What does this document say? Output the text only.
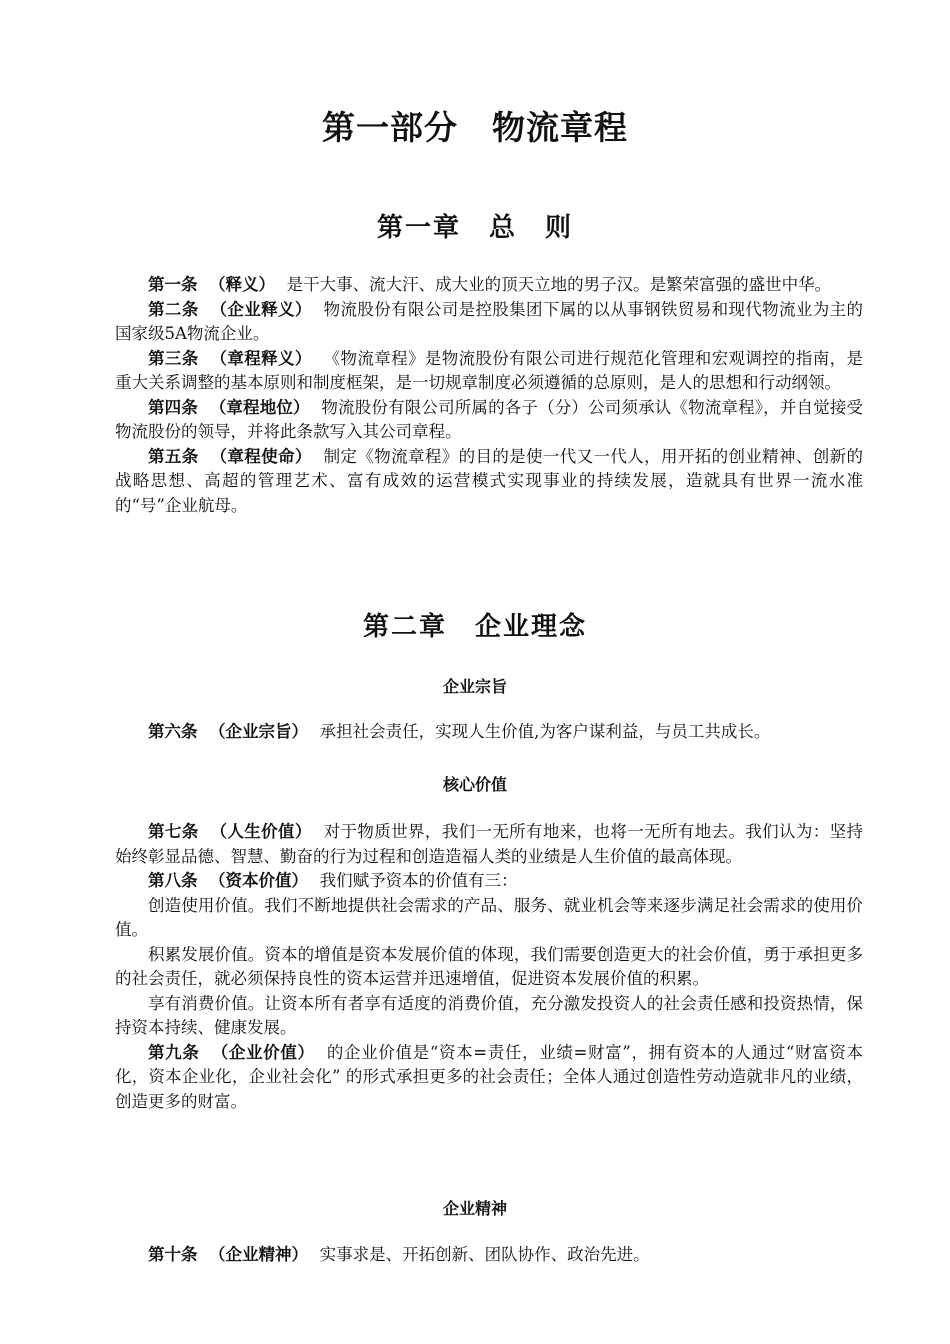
第一部分　物流章程
第一章　总　则

第一条 （释义） 是干大事、流大汗、成大业的顶天立地的男子汉。是繁荣富强的盛世中华。

第二条 （企业释义） 物流股份有限公司是控股集团下属的以从事钢铁贸易和现代物流业为主的国家级5A物流企业。

第三条 （章程释义） 《物流章程》是物流股份有限公司进行规范化管理和宏观调控的指南，是重大关系调整的基本原则和制度框架，是一切规章制度必须遵循的总原则，是人的思想和行动纲领。

第四条 （章程地位） 物流股份有限公司所属的各子（分）公司须承认《物流章程》，并自觉接受物流股份的领导，并将此条款写入其公司章程。

第五条 （章程使命） 制定《物流章程》的目的是使一代又一代人，用开拓的创业精神、创新的战略思想、高超的管理艺术、富有成效的运营模式实现事业的持续发展，造就具有世界一流水准的“号”企业航母。

第二章　企业理念
企业宗旨

第六条 （企业宗旨） 承担社会责任，实现人生价值,为客户谋利益，与员工共成长。

核心价值

第七条 （人生价值） 对于物质世界，我们一无所有地来，也将一无所有地去。我们认为：坚持始终彰显品德、智慧、勤奋的行为过程和创造造福人类的业绩是人生价值的最高体现。

第八条 （资本价值） 我们赋予资本的价值有三：

创造使用价值。我们不断地提供社会需求的产品、服务、就业机会等来逐步满足社会需求的使用价值。

积累发展价值。资本的增值是资本发展价值的体现，我们需要创造更大的社会价值，勇于承担更多的社会责任，就必须保持良性的资本运营并迅速增值，促进资本发展价值的积累。

享有消费价值。让资本所有者享有适度的消费价值，充分激发投资人的社会责任感和投资热情，保持资本持续、健康发展。

第九条 （企业价值） 的企业价值是“资本=责任，业绩=财富”，拥有资本的人通过“财富资本化，资本企业化，企业社会化” 的形式承担更多的社会责任；全体人通过创造性劳动造就非凡的业绩，创造更多的财富。

企业精神

第十条 （企业精神） 实事求是、开拓创新、团队协作、政治先进。
